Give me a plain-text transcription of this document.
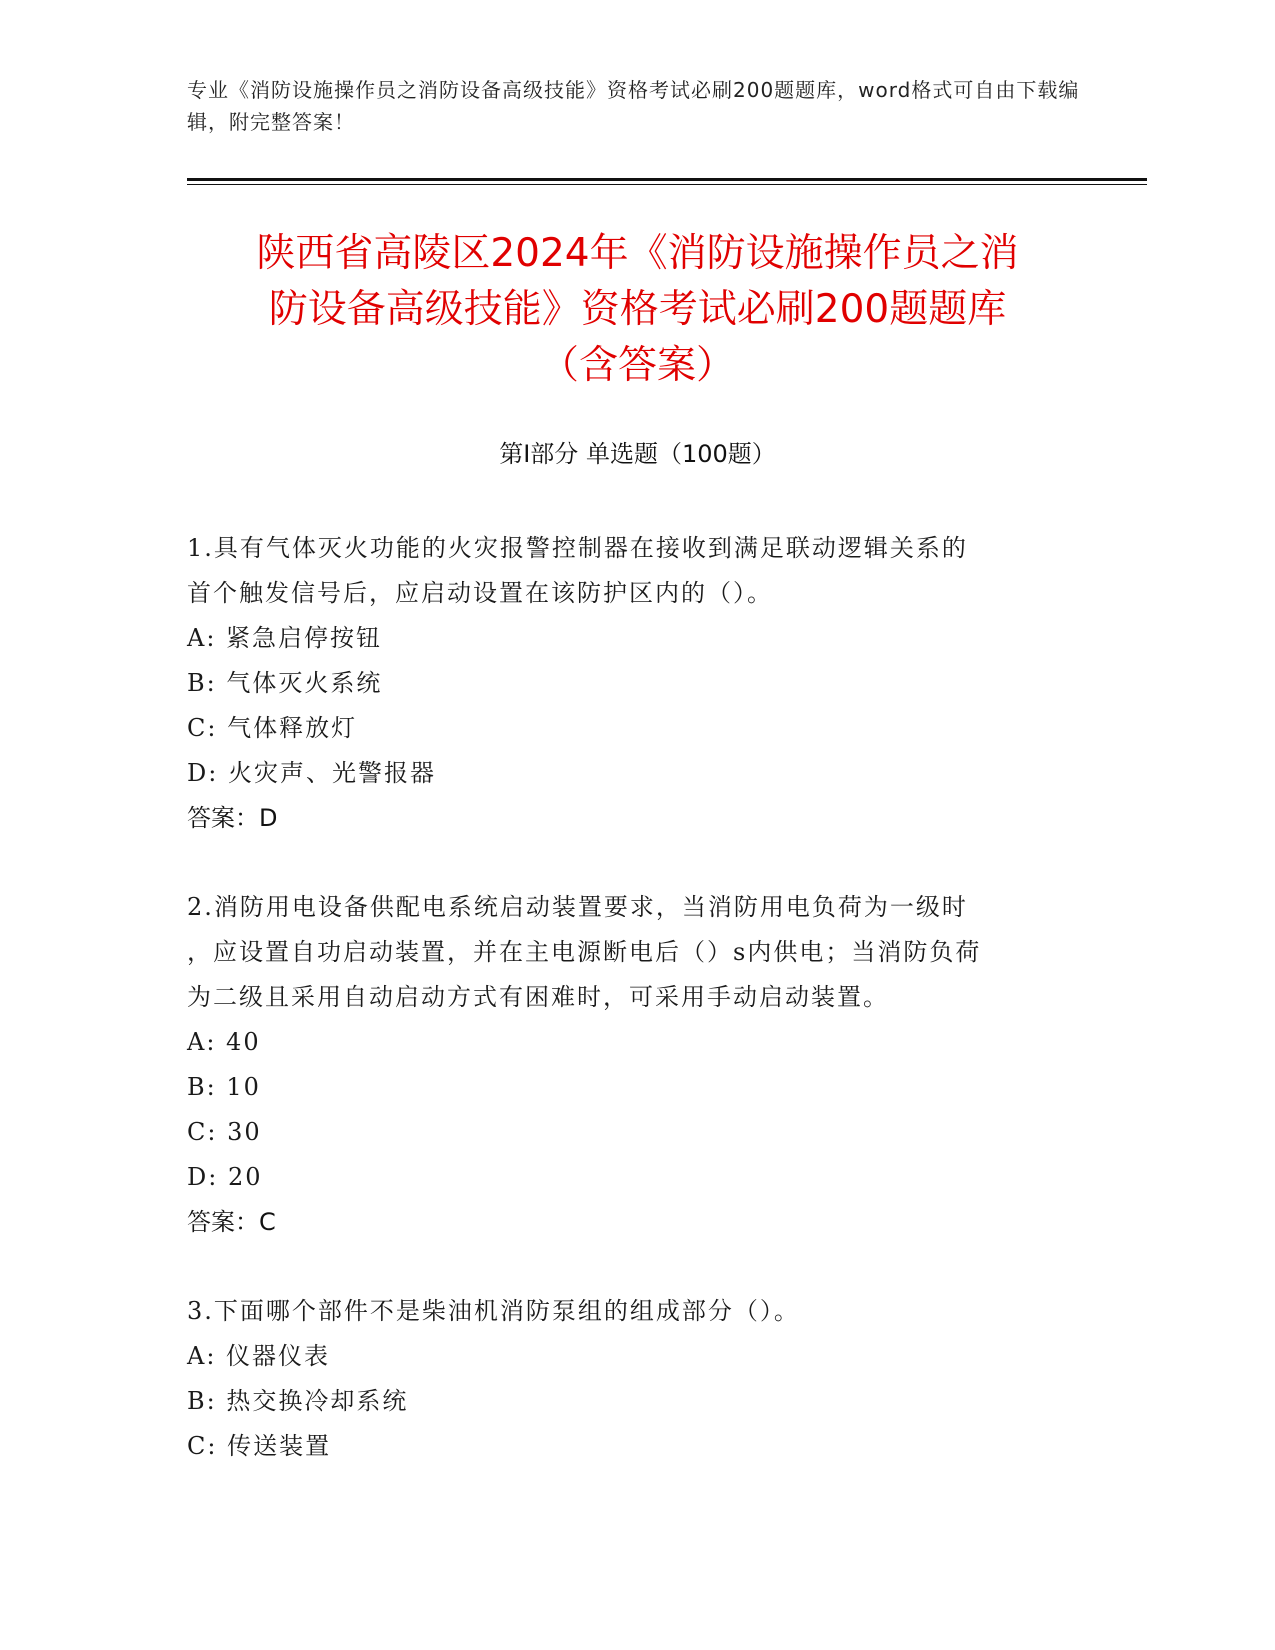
专业《消防设施操作员之消防设备高级技能》资格考试必刷200题题库，word格式可自由下载编辑，附完整答案！
陕西省高陵区2024年《消防设施操作员之消
防设备高级技能》资格考试必刷200题题库
（含答案）
第Ⅰ部分 单选题（100题）
1.具有气体灭火功能的火灾报警控制器在接收到满足联动逻辑关系的
首个触发信号后，应启动设置在该防护区内的（）。
A: 紧急启停按钮
B: 气体灭火系统
C: 气体释放灯
D: 火灾声、光警报器
答案：D
2.消防用电设备供配电系统启动装置要求，当消防用电负荷为一级时
，应设置自功启动装置，并在主电源断电后（）s内供电；当消防负荷
为二级且采用自动启动方式有困难时，可采用手动启动装置。
A: 40
B: 10
C: 30
D: 20
答案：C
3.下面哪个部件不是柴油机消防泵组的组成部分（）。
A: 仪器仪表
B: 热交换冷却系统
C: 传送装置
